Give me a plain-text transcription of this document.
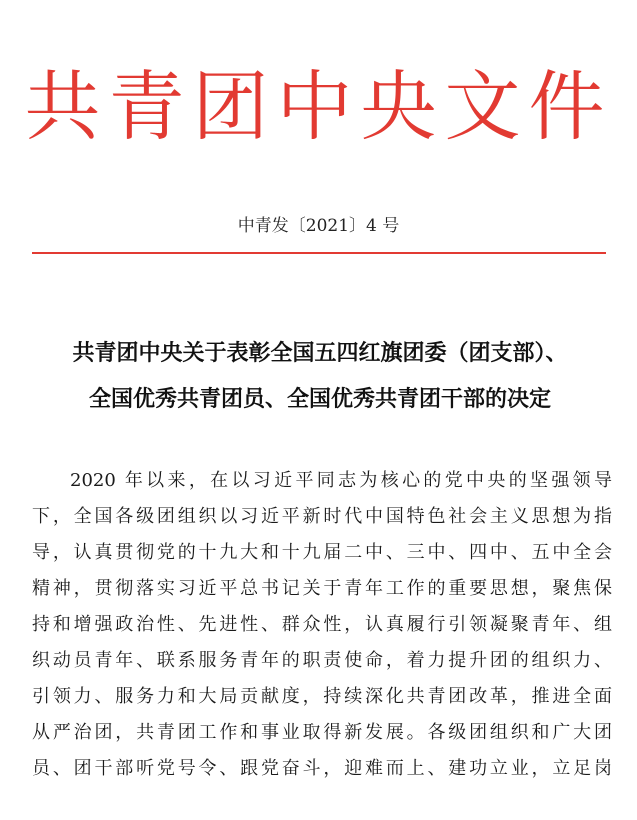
共青团中央文件
中青发〔2021〕4 号
共青团中央关于表彰全国五四红旗团委（团支部）、
全国优秀共青团员、全国优秀共青团干部的决定
2020 年以来，在以习近平同志为核心的党中央的坚强领导
下，全国各级团组织以习近平新时代中国特色社会主义思想为指
导，认真贯彻党的十九大和十九届二中、三中、四中、五中全会
精神，贯彻落实习近平总书记关于青年工作的重要思想，聚焦保
持和增强政治性、先进性、群众性，认真履行引领凝聚青年、组
织动员青年、联系服务青年的职责使命，着力提升团的组织力、
引领力、服务力和大局贡献度，持续深化共青团改革，推进全面
从严治团，共青团工作和事业取得新发展。各级团组织和广大团
员、团干部听党号令、跟党奋斗，迎难而上、建功立业，立足岗
